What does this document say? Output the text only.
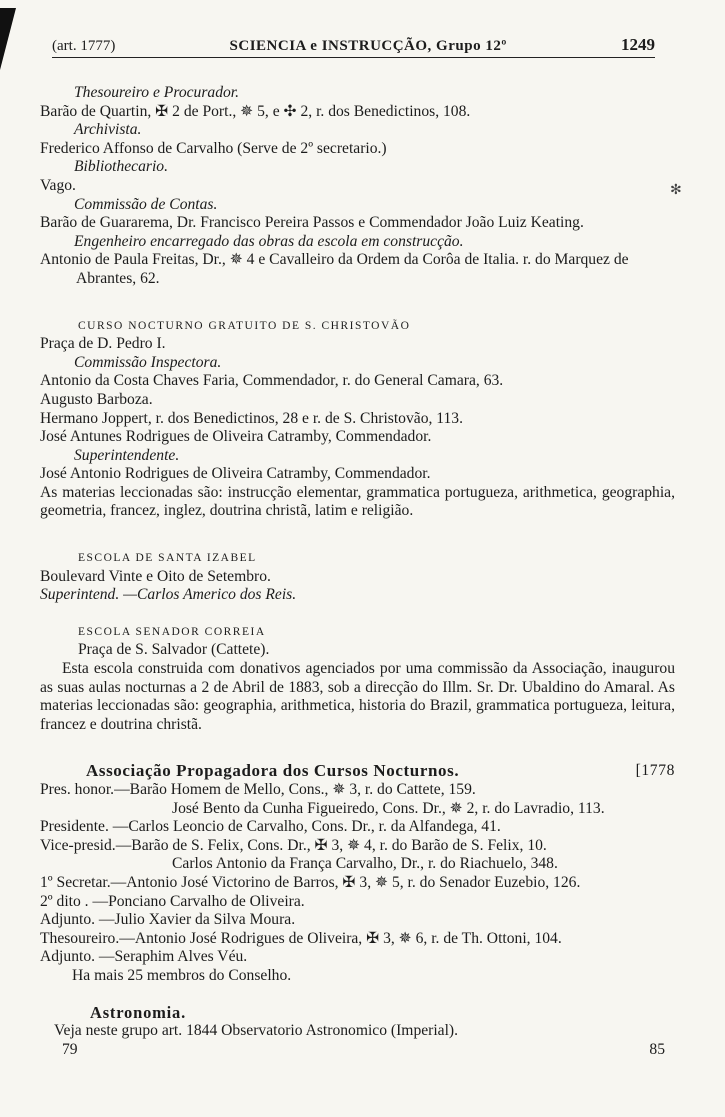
(art. 1777)	SCIENCIA e INSTRUCÇÃO, Grupo 12º	1249
✻
Thesoureiro e Procurador.
Barão de Quartin, ✠ 2 de Port., ✵ 5, e ✣ 2, r. dos Benedictinos, 108.
Archivista.
Frederico Affonso de Carvalho (Serve de 2º secretario.)
Bibliothecario.
Vago.
Commissão de Contas.
Barão de Guararema, Dr. Francisco Pereira Passos e Commendador João Luiz Keating.
Engenheiro encarregado das obras da escola em construcção.
Antonio de Paula Freitas, Dr., ✵ 4 e Cavalleiro da Ordem da Corôa de Italia. r. do Marquez de Abrantes, 62.
CURSO NOCTURNO GRATUITO DE S. CHRISTOVÃO
Praça de D. Pedro I.
Commissão Inspectora.
Antonio da Costa Chaves Faria, Commendador, r. do General Camara, 63.
Augusto Barboza.
Hermano Joppert, r. dos Benedictinos, 28 e r. de S. Christovão, 113.
José Antunes Rodrigues de Oliveira Catramby, Commendador.
Superintendente.
José Antonio Rodrigues de Oliveira Catramby, Commendador.
As materias leccionadas são: instrucção elementar, grammatica portugueza, arithmetica, geographia, geometria, francez, inglez, doutrina christã, latim e religião.
ESCOLA DE SANTA IZABEL
Boulevard Vinte e Oito de Setembro.
Superintend. —Carlos Americo dos Reis.
ESCOLA SENADOR CORREIA
Praça de S. Salvador (Cattete).
Esta escola construida com donativos agenciados por uma commissão da Associação, inaugurou as suas aulas nocturnas a 2 de Abril de 1883, sob a direcção do Illm. Sr. Dr. Ubaldino do Amaral. As materias leccionadas são: geographia, arithmetica, historia do Brazil, grammatica portugueza, leitura, francez e doutrina christã.
Associação Propagadora dos Cursos Nocturnos.	[1778
Pres. honor.—Barão Homem de Mello, Cons., ✵ 3, r. do Cattete, 159.
José Bento da Cunha Figueiredo, Cons. Dr., ✵ 2, r. do Lavradio, 113.
Presidente. —Carlos Leoncio de Carvalho, Cons. Dr., r. da Alfandega, 41.
Vice-presid.—Barão de S. Felix, Cons. Dr., ✠ 3, ✵ 4, r. do Barão de S. Felix, 10.
Carlos Antonio da França Carvalho, Dr., r. do Riachuelo, 348.
1º Secretar.—Antonio José Victorino de Barros, ✠ 3, ✵ 5, r. do Senador Euzebio, 126.
2º dito . —Ponciano Carvalho de Oliveira.
Adjunto. —Julio Xavier da Silva Moura.
Thesoureiro.—Antonio José Rodrigues de Oliveira, ✠ 3, ✵ 6, r. de Th. Ottoni, 104.
Adjunto. —Seraphim Alves Véu.
Ha mais 25 membros do Conselho.
Astronomia.
Veja neste grupo art. 1844 Observatorio Astronomico (Imperial).
79	85
